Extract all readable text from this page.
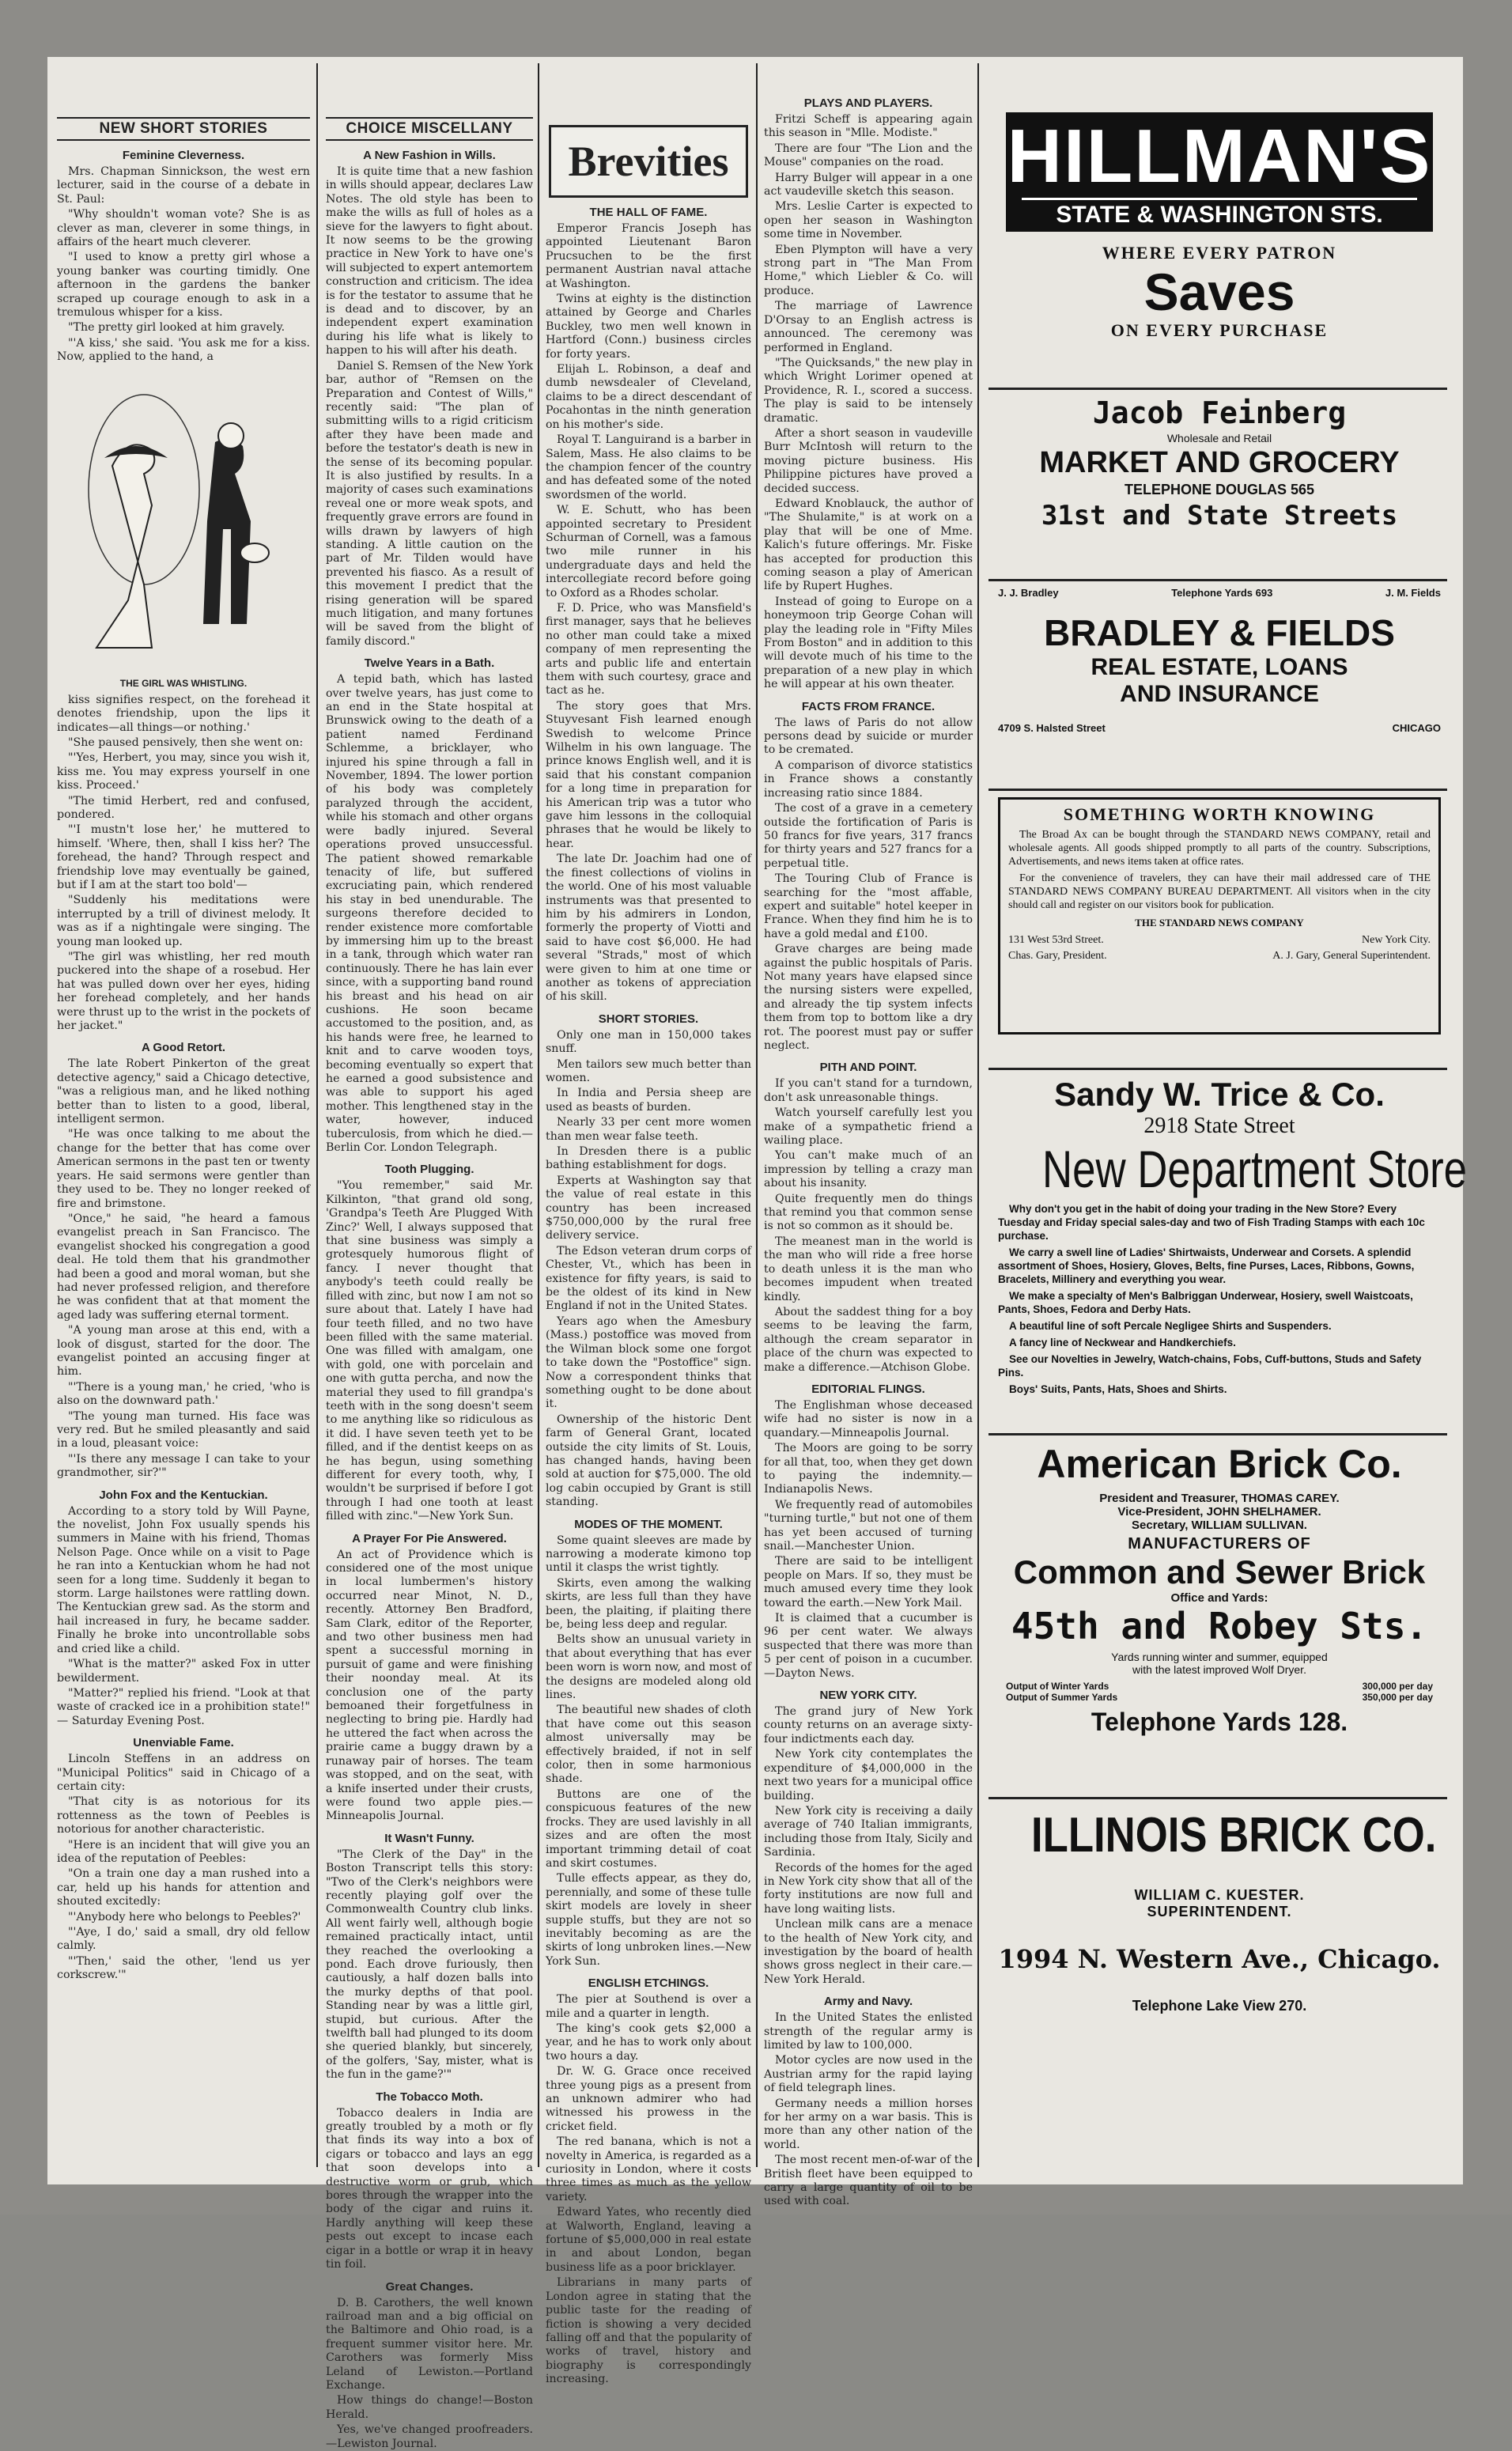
NEW SHORT STORIES
Feminine Cleverness.

Mrs. Chapman Sinnickson, the west ern lecturer, said in the course of a debate in St. Paul:

"Why shouldn't woman vote? She is as clever as man, cleverer in some things, in affairs of the heart much cleverer.

"I used to know a pretty girl whose a young banker was courting timidly. One afternoon in the gardens the banker scraped up courage enough to ask in a tremulous whisper for a kiss.

"The pretty girl looked at him gravely.

"'A kiss,' she said. 'You ask me for a kiss. Now, applied to the hand, a

THE GIRL WAS WHISTLING.

kiss signifies respect, on the forehead it denotes friendship, upon the lips it indicates—all things—or nothing.'

"She paused pensively, then she went on:

"'Yes, Herbert, you may, since you wish it, kiss me. You may express yourself in one kiss. Proceed.'

"The timid Herbert, red and confused, pondered.

"'I mustn't lose her,' he muttered to himself. 'Where, then, shall I kiss her? The forehead, the hand? Through respect and friendship love may eventually be gained, but if I am at the start too bold'—

"Suddenly his meditations were interrupted by a trill of divinest melody. It was as if a nightingale were singing. The young man looked up.

"The girl was whistling, her red mouth puckered into the shape of a rosebud. Her hat was pulled down over her eyes, hiding her forehead completely, and her hands were thrust up to the wrist in the pockets of her jacket."

A Good Retort.

The late Robert Pinkerton of the great detective agency," said a Chicago detective, "was a religious man, and he liked nothing better than to listen to a good, liberal, intelligent sermon.

"He was once talking to me about the change for the better that has come over American sermons in the past ten or twenty years. He said sermons were gentler than they used to be. They no longer reeked of fire and brimstone.

"Once," he said, "he heard a famous evangelist preach in San Francisco. The evangelist shocked his congregation a good deal. He told them that his grandmother had been a good and moral woman, but she had never professed religion, and therefore he was confident that at that moment the aged lady was suffering eternal torment.

"A young man arose at this end, with a look of disgust, started for the door. The evangelist pointed an accusing finger at him.

"'There is a young man,' he cried, 'who is also on the downward path.'

"The young man turned. His face was very red. But he smiled pleasantly and said in a loud, pleasant voice:

"'Is there any message I can take to your grandmother, sir?'"

John Fox and the Kentuckian.

According to a story told by Will Payne, the novelist, John Fox usually spends his summers in Maine with his friend, Thomas Nelson Page. Once while on a visit to Page he ran into a Kentuckian whom he had not seen for a long time. Suddenly it began to storm. Large hailstones were rattling down. The Kentuckian grew sad. As the storm and hail increased in fury, he became sadder. Finally he broke into uncontrollable sobs and cried like a child.

"What is the matter?" asked Fox in utter bewilderment.

"Matter?" replied his friend. "Look at that waste of cracked ice in a prohibition state!" — Saturday Evening Post.

Unenviable Fame.

Lincoln Steffens in an address on "Municipal Politics" said in Chicago of a certain city:

"That city is as notorious for its rottenness as the town of Peebles is notorious for another characteristic.

"Here is an incident that will give you an idea of the reputation of Peebles:

"On a train one day a man rushed into a car, held up his hands for attention and shouted excitedly:

"'Anybody here who belongs to Peebles?'

"'Aye, I do,' said a small, dry old fellow calmly.

"'Then,' said the other, 'lend us yer corkscrew.'"

CHOICE MISCELLANY
A New Fashion in Wills.

It is quite time that a new fashion in wills should appear, declares Law Notes. The old style has been to make the wills as full of holes as a sieve for the lawyers to fight about. It now seems to be the growing practice in New York to have one's will subjected to expert antemortem construction and criticism. The idea is for the testator to assume that he is dead and to discover, by an independent expert examination during his life what is likely to happen to his will after his death.

Daniel S. Remsen of the New York bar, author of "Remsen on the Preparation and Contest of Wills," recently said: "The plan of submitting wills to a rigid criticism after they have been made and before the testator's death is new in the sense of its becoming popular. It is also justified by results. In a majority of cases such examinations reveal one or more weak spots, and frequently grave errors are found in wills drawn by lawyers of high standing. A little caution on the part of Mr. Tilden would have prevented his fiasco. As a result of this movement I predict that the rising generation will be spared much litigation, and many fortunes will be saved from the blight of family discord."

Twelve Years in a Bath.

A tepid bath, which has lasted over twelve years, has just come to an end in the State hospital at Brunswick owing to the death of a patient named Ferdinand Schlemme, a bricklayer, who injured his spine through a fall in November, 1894. The lower portion of his body was completely paralyzed through the accident, while his stomach and other organs were badly injured. Several operations proved unsuccessful. The patient showed remarkable tenacity of life, but suffered excruciating pain, which rendered his stay in bed unendurable. The surgeons therefore decided to render existence more comfortable by immersing him up to the breast in a tank, through which water ran continuously. There he has lain ever since, with a supporting band round his breast and his head on air cushions. He soon became accustomed to the position, and, as his hands were free, he learned to knit and to carve wooden toys, becoming eventually so expert that he earned a good subsistence and was able to support his aged mother. This lengthened stay in the water, however, induced tuberculosis, from which he died.—Berlin Cor. London Telegraph.

Tooth Plugging.

"You remember," said Mr. Kilkinton, "that grand old song, 'Grandpa's Teeth Are Plugged With Zinc?' Well, I always supposed that that sine business was simply a grotesquely humorous flight of fancy. I never thought that anybody's teeth could really be filled with zinc, but now I am not so sure about that. Lately I have had four teeth filled, and no two have been filled with the same material. One was filled with amalgam, one with gold, one with porcelain and one with gutta percha, and now the material they used to fill grandpa's teeth with in the song doesn't seem to me anything like so ridiculous as it did. I have seven teeth yet to be filled, and if the dentist keeps on as he has begun, using something different for every tooth, why, I wouldn't be surprised if before I got through I had one tooth at least filled with zinc."—New York Sun.

A Prayer For Pie Answered.

An act of Providence which is considered one of the most unique in local lumbermen's history occurred near Minot, N. D., recently. Attorney Ben Bradford, Sam Clark, editor of the Reporter, and two other business men had spent a successful morning in pursuit of game and were finishing their noonday meal. At its conclusion one of the party bemoaned their forgetfulness in neglecting to bring pie. Hardly had he uttered the fact when across the prairie came a buggy drawn by a runaway pair of horses. The team was stopped, and on the seat, with a knife inserted under their crusts, were found two apple pies.—Minneapolis Journal.

It Wasn't Funny.

"The Clerk of the Day" in the Boston Transcript tells this story: "Two of the Clerk's neighbors were recently playing golf over the Commonwealth Country club links. All went fairly well, although bogie remained practically intact, until they reached the overlooking a pond. Each drove furiously, then cautiously, a half dozen balls into the murky depths of that pool. Standing near by was a little girl, stupid, but curious. After the twelfth ball had plunged to its doom she queried blankly, but sincerely, of the golfers, 'Say, mister, what is the fun in the game?'"

The Tobacco Moth.

Tobacco dealers in India are greatly troubled by a moth or fly that finds its way into a box of cigars or tobacco and lays an egg that soon develops into a destructive worm or grub, which bores through the wrapper into the body of the cigar and ruins it. Hardly anything will keep these pests out except to incase each cigar in a bottle or wrap it in heavy tin foil.

Great Changes.

D. B. Carothers, the well known railroad man and a big official on the Baltimore and Ohio road, is a frequent summer visitor here. Mr. Carothers was formerly Miss Leland of Lewiston.—Portland Exchange.

How things do change!—Boston Herald.

Yes, we've changed proofreaders.—Lewiston Journal.

Brevities
THE HALL OF FAME.

Emperor Francis Joseph has appointed Lieutenant Baron Prucsuchen to be the first permanent Austrian naval attache at Washington.

Twins at eighty is the distinction attained by George and Charles Buckley, two men well known in Hartford (Conn.) business circles for forty years.

Elijah L. Robinson, a deaf and dumb newsdealer of Cleveland, claims to be a direct descendant of Pocahontas in the ninth generation on his mother's side.

Royal T. Languirand is a barber in Salem, Mass. He also claims to be the champion fencer of the country and has defeated some of the noted swordsmen of the world.

W. E. Schutt, who has been appointed secretary to President Schurman of Cornell, was a famous two mile runner in his undergraduate days and held the intercollegiate record before going to Oxford as a Rhodes scholar.

F. D. Price, who was Mansfield's first manager, says that he believes no other man could take a mixed company of men representing the arts and public life and entertain them with such courtesy, grace and tact as he.

The story goes that Mrs. Stuyvesant Fish learned enough Swedish to welcome Prince Wilhelm in his own language. The prince knows English well, and it is said that his constant companion for a long time in preparation for his American trip was a tutor who gave him lessons in the colloquial phrases that he would be likely to hear.

The late Dr. Joachim had one of the finest collections of violins in the world. One of his most valuable instruments was that presented to him by his admirers in London, formerly the property of Viotti and said to have cost $6,000. He had several "Strads," most of which were given to him at one time or another as tokens of appreciation of his skill.

SHORT STORIES.

Only one man in 150,000 takes snuff.

Men tailors sew much better than women.

In India and Persia sheep are used as beasts of burden.

Nearly 33 per cent more women than men wear false teeth.

In Dresden there is a public bathing establishment for dogs.

Experts at Washington say that the value of real estate in this country has been increased $750,000,000 by the rural free delivery service.

The Edson veteran drum corps of Chester, Vt., which has been in existence for fifty years, is said to be the oldest of its kind in New England if not in the United States.

Years ago when the Amesbury (Mass.) postoffice was moved from the Wilman block some one forgot to take down the "Postoffice" sign. Now a correspondent thinks that something ought to be done about it.

Ownership of the historic Dent farm of General Grant, located outside the city limits of St. Louis, has changed hands, having been sold at auction for $75,000. The old log cabin occupied by Grant is still standing.

MODES OF THE MOMENT.

Some quaint sleeves are made by narrowing a moderate kimono top until it clasps the wrist tightly.

Skirts, even among the walking skirts, are less full than they have been, the plaiting, if plaiting there be, being less deep and regular.

Belts show an unusual variety in that about everything that has ever been worn is worn now, and most of the designs are modeled along old lines.

The beautiful new shades of cloth that have come out this season almost universally may be effectively braided, if not in self color, then in some harmonious shade.

Buttons are one of the conspicuous features of the new frocks. They are used lavishly in all sizes and are often the most important trimming detail of coat and skirt costumes.

Tulle effects appear, as they do, perennially, and some of these tulle skirt models are lovely in sheer supple stuffs, but they are not so inevitably becoming as are the skirts of long unbroken lines.—New York Sun.

ENGLISH ETCHINGS.

The pier at Southend is over a mile and a quarter in length.

The king's cook gets $2,000 a year, and he has to work only about two hours a day.

Dr. W. G. Grace once received three young pigs as a present from an unknown admirer who had witnessed his prowess in the cricket field.

The red banana, which is not a novelty in America, is regarded as a curiosity in London, where it costs three times as much as the yellow variety.

Edward Yates, who recently died at Walworth, England, leaving a fortune of $5,000,000 in real estate in and about London, began business life as a poor bricklayer.

Librarians in many parts of London agree in stating that the public taste for the reading of fiction is showing a very decided falling off and that the popularity of works of travel, history and biography is correspondingly increasing.

PLAYS AND PLAYERS.

Fritzi Scheff is appearing again this season in "Mlle. Modiste."

There are four "The Lion and the Mouse" companies on the road.

Harry Bulger will appear in a one act vaudeville sketch this season.

Mrs. Leslie Carter is expected to open her season in Washington some time in November.

Eben Plympton will have a very strong part in "The Man From Home," which Liebler & Co. will produce.

The marriage of Lawrence D'Orsay to an English actress is announced. The ceremony was performed in England.

"The Quicksands," the new play in which Wright Lorimer opened at Providence, R. I., scored a success. The play is said to be intensely dramatic.

After a short season in vaudeville Burr McIntosh will return to the moving picture business. His Philippine pictures have proved a decided success.

Edward Knoblauck, the author of "The Shulamite," is at work on a play that will be one of Mme. Kalich's future offerings. Mr. Fiske has accepted for production this coming season a play of American life by Rupert Hughes.

Instead of going to Europe on a honeymoon trip George Cohan will play the leading role in "Fifty Miles From Boston" and in addition to this will devote much of his time to the preparation of a new play in which he will appear at his own theater.

FACTS FROM FRANCE.

The laws of Paris do not allow persons dead by suicide or murder to be cremated.

A comparison of divorce statistics in France shows a constantly increasing ratio since 1884.

The cost of a grave in a cemetery outside the fortification of Paris is 50 francs for five years, 317 francs for thirty years and 527 francs for a perpetual title.

The Touring Club of France is searching for the "most affable, expert and suitable" hotel keeper in France. When they find him he is to have a gold medal and £100.

Grave charges are being made against the public hospitals of Paris. Not many years have elapsed since the nursing sisters were expelled, and already the tip system infects them from top to bottom like a dry rot. The poorest must pay or suffer neglect.

PITH AND POINT.

If you can't stand for a turndown, don't ask unreasonable things.

Watch yourself carefully lest you make of a sympathetic friend a wailing place.

You can't make much of an impression by telling a crazy man about his insanity.

Quite frequently men do things that remind you that common sense is not so common as it should be.

The meanest man in the world is the man who will ride a free horse to death unless it is the man who becomes impudent when treated kindly.

About the saddest thing for a boy seems to be leaving the farm, although the cream separator in place of the churn was expected to make a difference.—Atchison Globe.

EDITORIAL FLINGS.

The Englishman whose deceased wife had no sister is now in a quandary.—Minneapolis Journal.

The Moors are going to be sorry for all that, too, when they get down to paying the indemnity.—Indianapolis News.

We frequently read of automobiles "turning turtle," but not one of them has yet been accused of turning snail.—Manchester Union.

There are said to be intelligent people on Mars. If so, they must be much amused every time they look toward the earth.—New York Mail.

It is claimed that a cucumber is 96 per cent water. We always suspected that there was more than 5 per cent of poison in a cucumber.—Dayton News.

NEW YORK CITY.

The grand jury of New York county returns on an average sixty-four indictments each day.

New York city contemplates the expenditure of $4,000,000 in the next two years for a municipal office building.

New York city is receiving a daily average of 740 Italian immigrants, including those from Italy, Sicily and Sardinia.

Records of the homes for the aged in New York city show that all of the forty institutions are now full and have long waiting lists.

Unclean milk cans are a menace to the health of New York city, and investigation by the board of health shows gross neglect in their care.—New York Herald.

Army and Navy.

In the United States the enlisted strength of the regular army is limited by law to 100,000.

Motor cycles are now used in the Austrian army for the rapid laying of field telegraph lines.

Germany needs a million horses for her army on a war basis. This is more than any other nation of the world.

The most recent men-of-war of the British fleet have been equipped to carry a large quantity of oil to be used with coal.

HILLMAN'S
STATE & WASHINGTON STS.
WHERE EVERY PATRON
Saves
ON EVERY PURCHASE
Jacob Feinberg
Wholesale and Retail
MARKET AND GROCERY
TELEPHONE DOUGLAS 565
31st and State Streets
J. J. Bradley	Telephone Yards 693	J. M. Fields
BRADLEY & FIELDS
REAL ESTATE, LOANS
AND INSURANCE
4709 S. Halsted Street	CHICAGO
SOMETHING WORTH KNOWING

The Broad Ax can be bought through the STANDARD NEWS COMPANY, retail and wholesale agents. All goods shipped promptly to all parts of the country. Subscriptions, Advertisements, and news items taken at office rates.

For the convenience of travelers, they can have their mail addressed care of THE STANDARD NEWS COMPANY BUREAU DEPARTMENT. All visitors when in the city should call and register on our visitors book for publication.

THE STANDARD NEWS COMPANY
131 West 53rd Street.	New York City.
Chas. Gary, President.	A. J. Gary, General Superintendent.
Sandy W. Trice & Co.
2918 State Street
New Department Store

Why don't you get in the habit of doing your trading in the New Store? Every Tuesday and Friday special sales-day and two of Fish Trading Stamps with each 10c purchase.

We carry a swell line of Ladies' Shirtwaists, Underwear and Corsets. A splendid assortment of Shoes, Hosiery, Gloves, Belts, fine Purses, Laces, Ribbons, Gowns, Bracelets, Millinery and everything you wear.

We make a specialty of Men's Balbriggan Underwear, Hosiery, swell Waistcoats, Pants, Shoes, Fedora and Derby Hats.

A beautiful line of soft Percale Negligee Shirts and Suspenders.

A fancy line of Neckwear and Handkerchiefs.

See our Novelties in Jewelry, Watch-chains, Fobs, Cuff-buttons, Studs and Safety Pins.

Boys' Suits, Pants, Hats, Shoes and Shirts.

American Brick Co.
President and Treasurer, THOMAS CAREY.
Vice-President, JOHN SHELHAMER.
Secretary, WILLIAM SULLIVAN.
MANUFACTURERS OF
Common and Sewer Brick
Office and Yards:
45th and Robey Sts.
Yards running winter and summer, equipped
with the latest improved Wolf Dryer.
Output of Winter Yards	300,000 per day
Output of Summer Yards	350,000 per day
Telephone Yards 128.
ILLINOIS BRICK CO.
WILLIAM C. KUESTER.
SUPERINTENDENT.
1994 N. Western Ave., Chicago.
Telephone Lake View 270.
